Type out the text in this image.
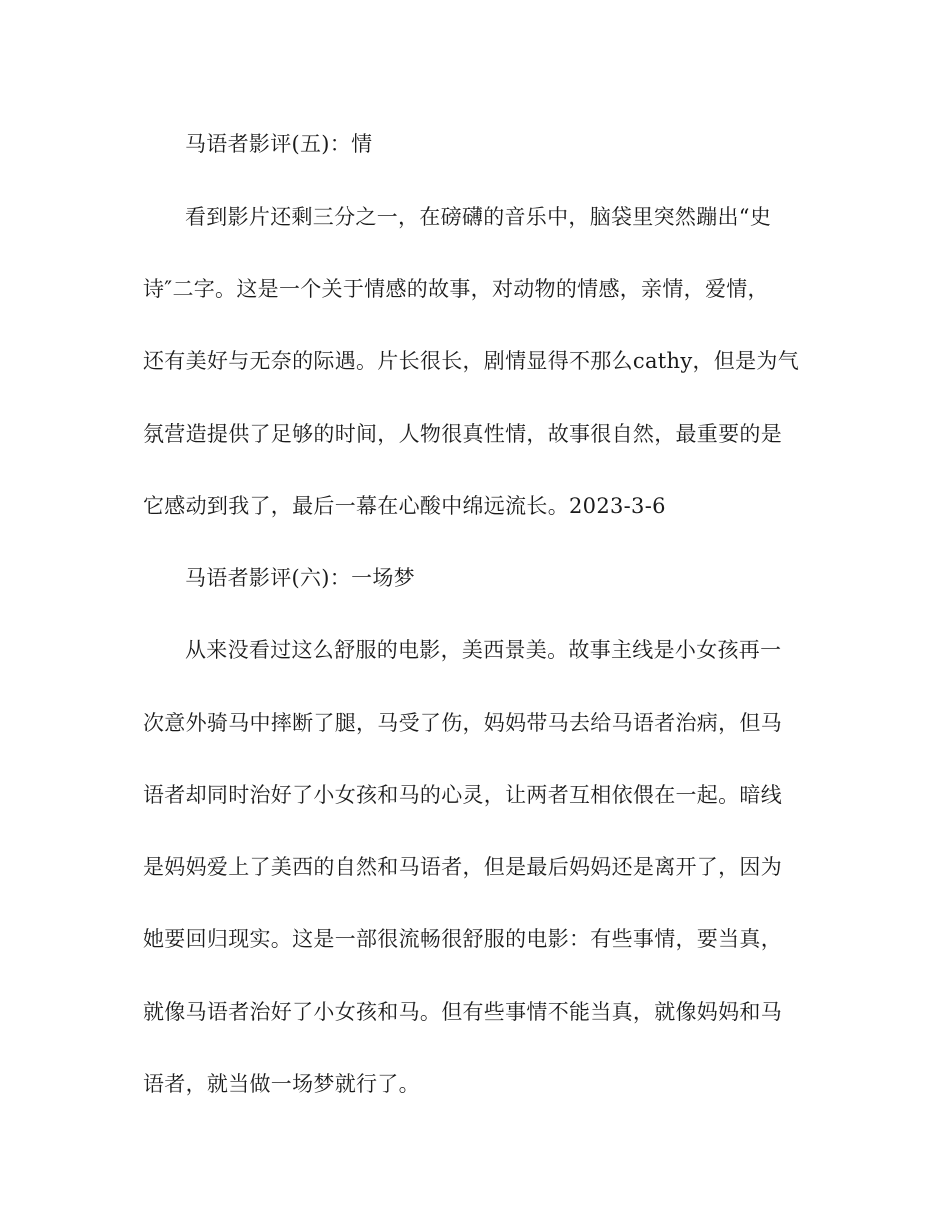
马语者影评(五)：情
看到影片还剩三分之一，在磅礴的音乐中，脑袋里突然蹦出“史
诗″二字。这是一个关于情感的故事，对动物的情感，亲情，爱情，
还有美好与无奈的际遇。片长很长，剧情显得不那么cathy，但是为气
氛营造提供了足够的时间，人物很真性情，故事很自然，最重要的是
它感动到我了，最后一幕在心酸中绵远流长。2023-3-6
马语者影评(六)：一场梦
从来没看过这么舒服的电影，美西景美。故事主线是小女孩再一
次意外骑马中摔断了腿，马受了伤，妈妈带马去给马语者治病，但马
语者却同时治好了小女孩和马的心灵，让两者互相依偎在一起。暗线
是妈妈爱上了美西的自然和马语者，但是最后妈妈还是离开了，因为
她要回归现实。这是一部很流畅很舒服的电影：有些事情，要当真，
就像马语者治好了小女孩和马。但有些事情不能当真，就像妈妈和马
语者，就当做一场梦就行了。
